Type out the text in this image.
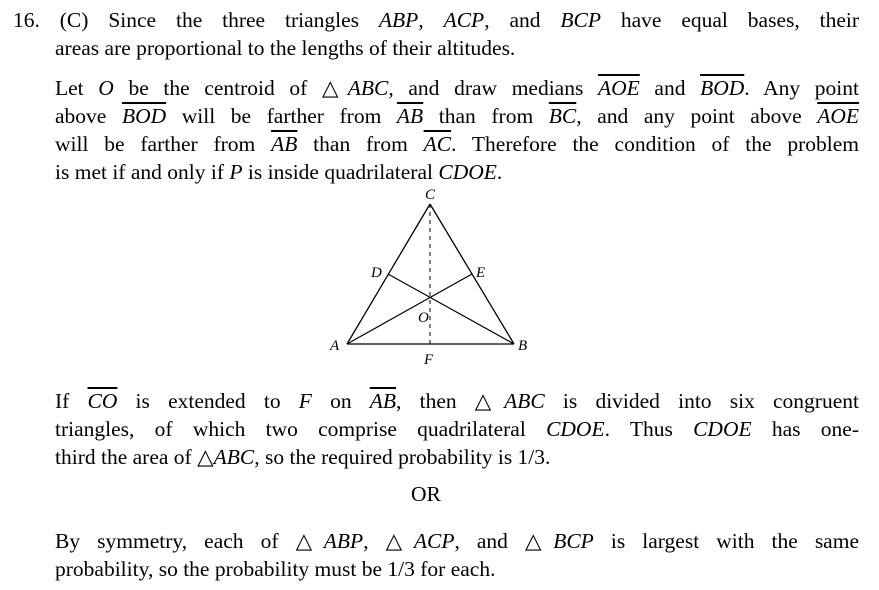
16. (C) Since the three triangles ABP, ACP, and BCP have equal bases, their
areas are proportional to the lengths of their altitudes.
Let O be the centroid of △ABC, and draw medians $\overline{AOE}$ and $\overline{BOD}$. Any point
above $\overline{BOD}$ will be farther from $\overline{AB}$ than from $\overline{BC}$, and any point above $\overline{AOE}$
will be farther from $\overline{AB}$ than from $\overline{AC}$. Therefore the condition of the problem
is met if and only if P is inside quadrilateral CDOE.
C
D	E
O
A	B
F
If $\overline{CO}$ is extended to F on $\overline{AB}$, then △ABC is divided into six congruent
triangles, of which two comprise quadrilateral CDOE. Thus CDOE has one-
third the area of △ABC, so the required probability is 1/3.
OR
By symmetry, each of △ABP, △ACP, and △BCP is largest with the same
probability, so the probability must be 1/3 for each.
